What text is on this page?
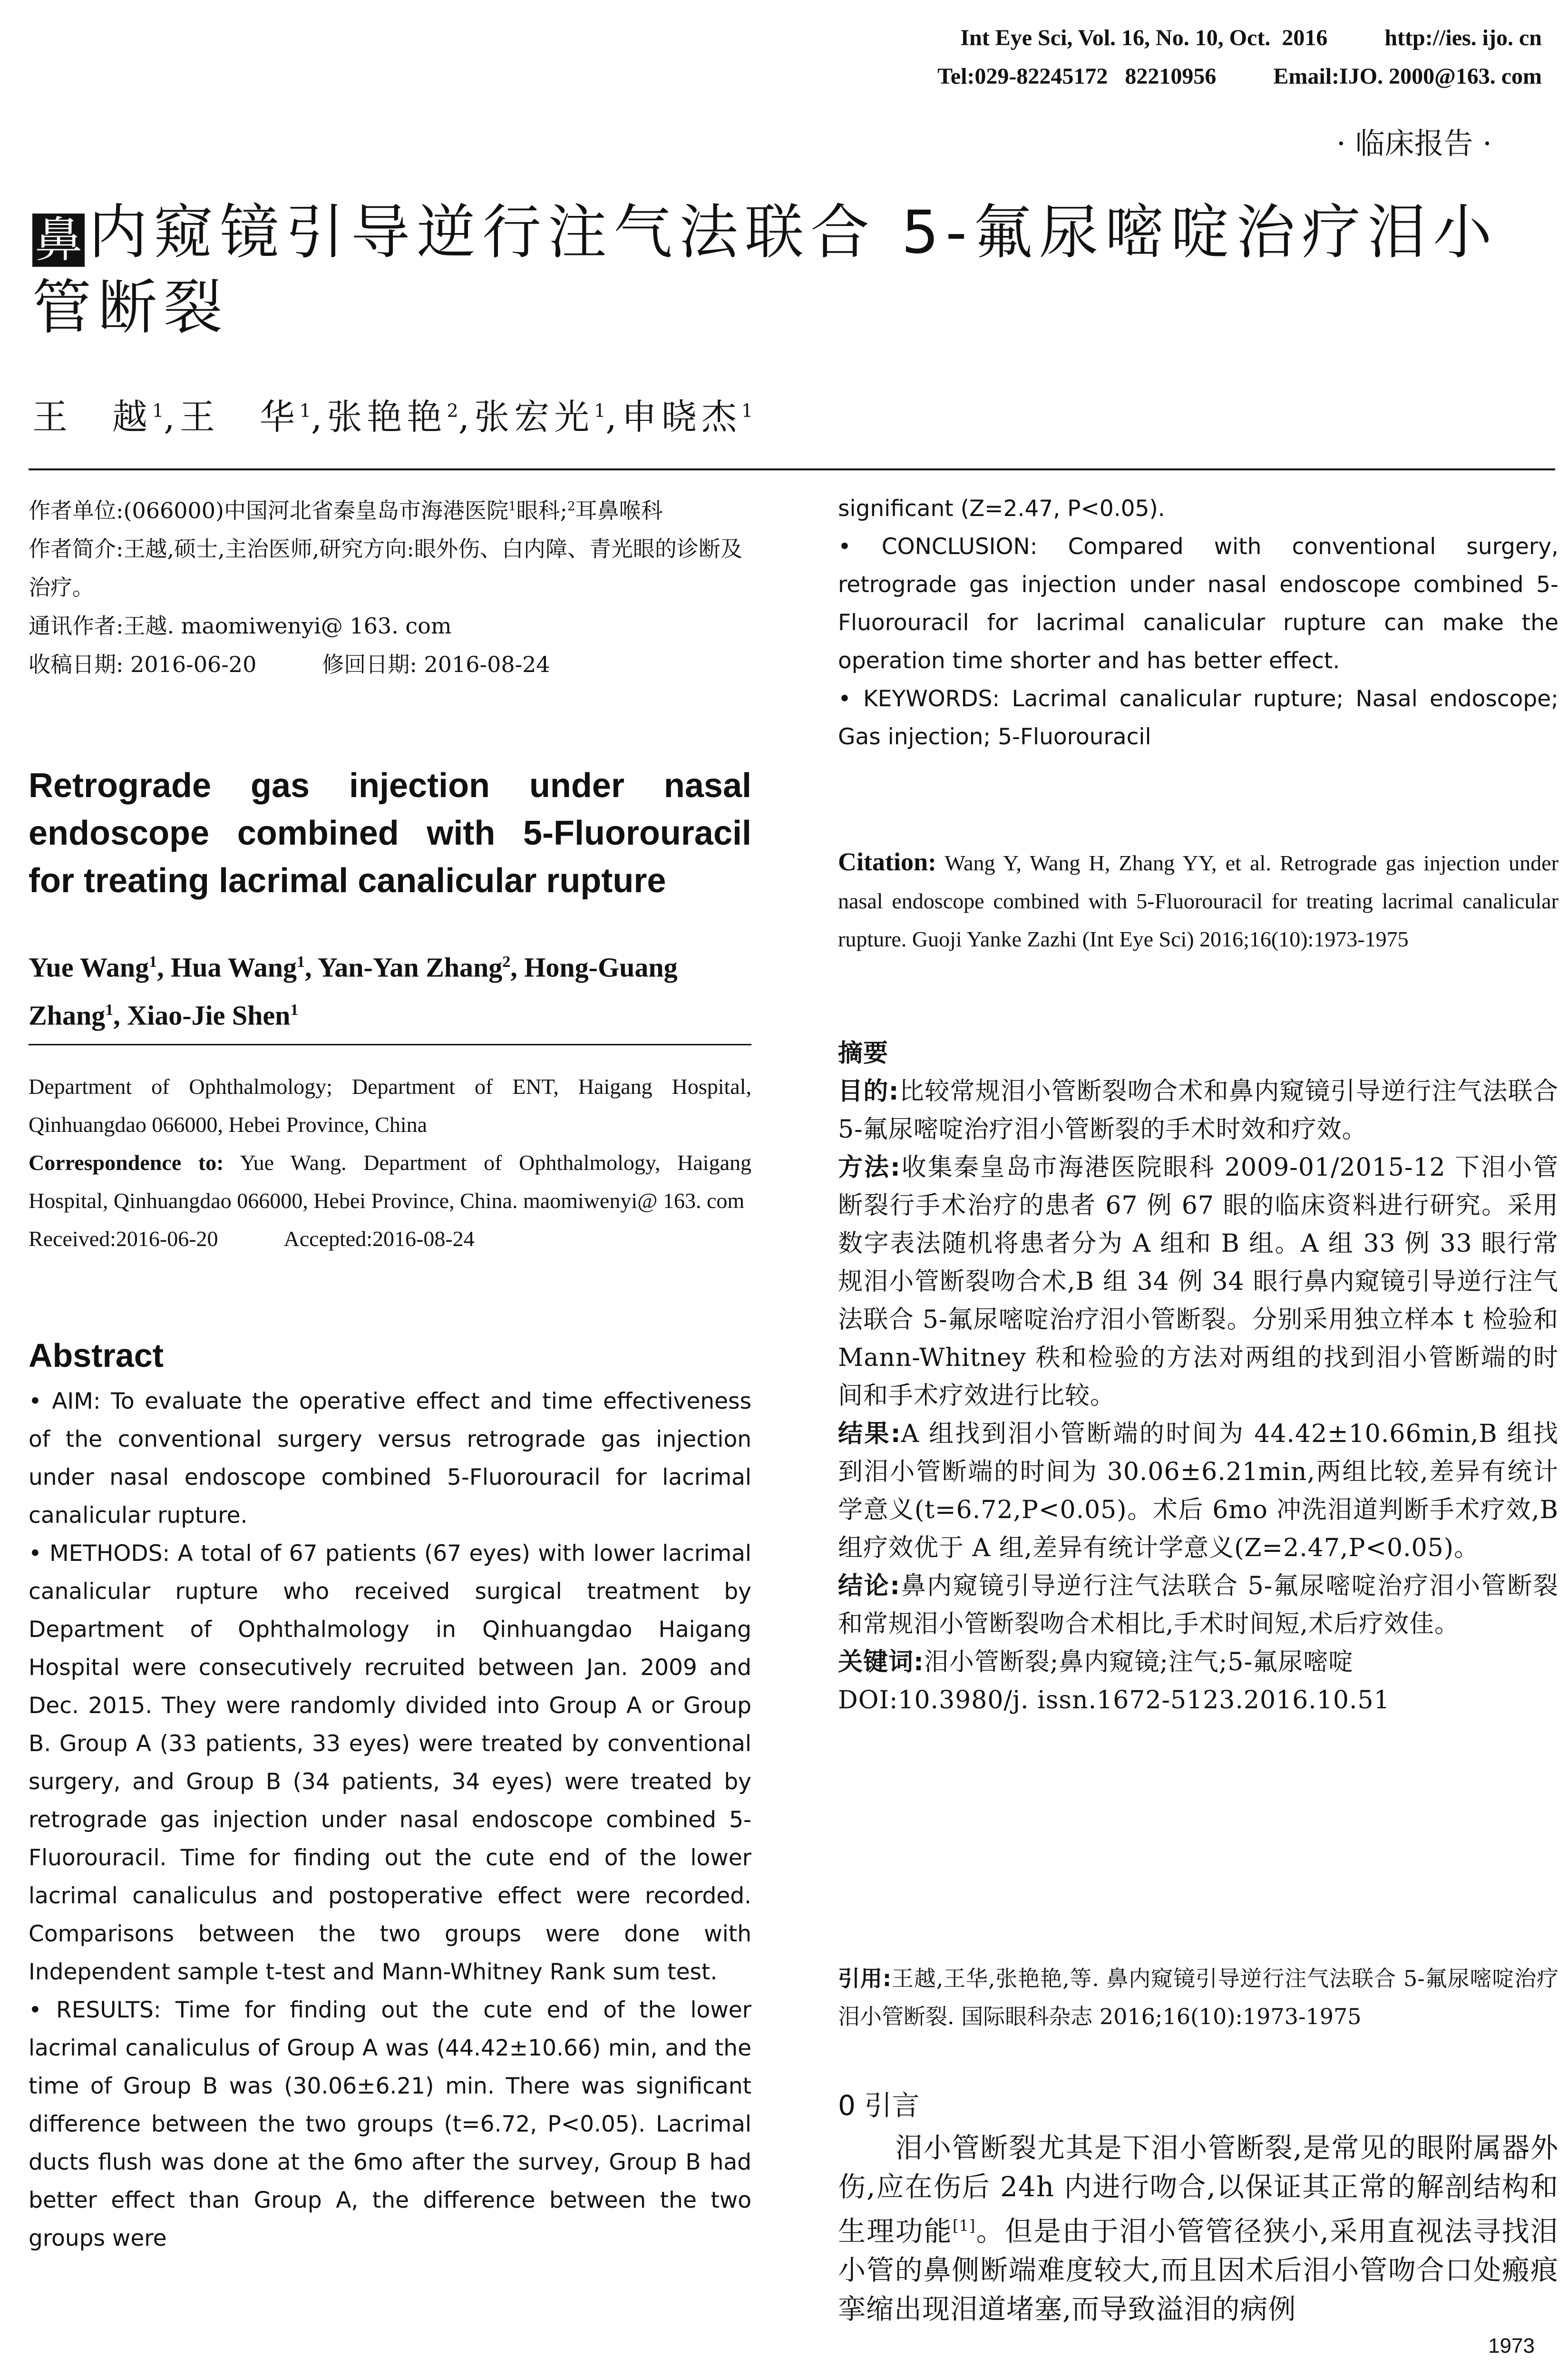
Int Eye Sci, Vol. 16, No. 10, Oct.  2016          http://ies. ijo. cn
Tel:029-82245172   82210956          Email:IJO. 2000@163. com
· 临床报告 ·
鼻 内窥镜引导逆行注气法联合 5-氟尿嘧啶治疗泪小管断裂
王　越$^1$,王　华$^1$,张艳艳$^2$,张宏光$^1$,申晓杰$^1$

作者单位:(066000)中国河北省秦皇岛市海港医院$^1$眼科;$^2$耳鼻喉科

作者简介:王越,硕士,主治医师,研究方向:眼外伤、白内障、青光眼的诊断及治疗。

通讯作者:王越. maomiwenyi@ 163. com

收稿日期: 2016-06-20　　　修回日期: 2016-08-24

Retrograde gas injection under nasal endoscope combined with 5-Fluorouracil for treating lacrimal canalicular rupture
Yue Wang$^1$, Hua Wang$^1$, Yan-Yan Zhang$^2$, Hong-Guang Zhang$^1$, Xiao-Jie Shen$^1$

Department of Ophthalmology; Department of ENT, Haigang Hospital, Qinhuangdao 066000, Hebei Province, China

Correspondence to: Yue Wang. Department of Ophthalmology, Haigang Hospital, Qinhuangdao 066000, Hebei Province, China. maomiwenyi@ 163. com

Received:2016-06-20　　　Accepted:2016-08-24

Abstract

• AIM: To evaluate the operative effect and time effectiveness of the conventional surgery versus retrograde gas injection under nasal endoscope combined 5-Fluorouracil for lacrimal canalicular rupture.

• METHODS: A total of 67 patients (67 eyes) with lower lacrimal canalicular rupture who received surgical treatment by Department of Ophthalmology in Qinhuangdao Haigang Hospital were consecutively recruited between Jan. 2009 and Dec. 2015. They were randomly divided into Group A or Group B. Group A (33 patients, 33 eyes) were treated by conventional surgery, and Group B (34 patients, 34 eyes) were treated by retrograde gas injection under nasal endoscope combined 5-Fluorouracil. Time for finding out the cute end of the lower lacrimal canaliculus and postoperative effect were recorded. Comparisons between the two groups were done with Independent sample t-test and Mann-Whitney Rank sum test.

• RESULTS: Time for finding out the cute end of the lower lacrimal canaliculus of Group A was (44.42±10.66) min, and the time of Group B was (30.06±6.21) min. There was significant difference between the two groups (t=6.72, P<0.05). Lacrimal ducts flush was done at the 6mo after the survey, Group B had better effect than Group A, the difference between the two groups were

significant (Z=2.47, P<0.05).

• CONCLUSION: Compared with conventional surgery, retrograde gas injection under nasal endoscope combined 5-Fluorouracil for lacrimal canalicular rupture can make the operation time shorter and has better effect.

• KEYWORDS: Lacrimal canalicular rupture; Nasal endoscope; Gas injection; 5-Fluorouracil

Citation: Wang Y, Wang H, Zhang YY, et al. Retrograde gas injection under nasal endoscope combined with 5-Fluorouracil for treating lacrimal canalicular rupture. Guoji Yanke Zazhi (Int Eye Sci) 2016;16(10):1973-1975

摘要

目的:比较常规泪小管断裂吻合术和鼻内窥镜引导逆行注气法联合 5-氟尿嘧啶治疗泪小管断裂的手术时效和疗效。

方法:收集秦皇岛市海港医院眼科 2009-01/2015-12 下泪小管断裂行手术治疗的患者 67 例 67 眼的临床资料进行研究。采用数字表法随机将患者分为 A 组和 B 组。A 组 33 例 33 眼行常规泪小管断裂吻合术,B 组 34 例 34 眼行鼻内窥镜引导逆行注气法联合 5-氟尿嘧啶治疗泪小管断裂。分别采用独立样本 t 检验和 Mann-Whitney 秩和检验的方法对两组的找到泪小管断端的时间和手术疗效进行比较。

结果:A 组找到泪小管断端的时间为 44.42±10.66min,B 组找到泪小管断端的时间为 30.06±6.21min,两组比较,差异有统计学意义(t=6.72,P<0.05)。术后 6mo 冲洗泪道判断手术疗效,B 组疗效优于 A 组,差异有统计学意义(Z=2.47,P<0.05)。

结论:鼻内窥镜引导逆行注气法联合 5-氟尿嘧啶治疗泪小管断裂和常规泪小管断裂吻合术相比,手术时间短,术后疗效佳。

关键词:泪小管断裂;鼻内窥镜;注气;5-氟尿嘧啶

DOI:10.3980/j. issn.1672-5123.2016.10.51

引用:王越,王华,张艳艳,等. 鼻内窥镜引导逆行注气法联合 5-氟尿嘧啶治疗泪小管断裂. 国际眼科杂志 2016;16(10):1973-1975
0 引言
泪小管断裂尤其是下泪小管断裂,是常见的眼附属器外伤,应在伤后 24h 内进行吻合,以保证其正常的解剖结构和生理功能[1]。但是由于泪小管管径狭小,采用直视法寻找泪小管的鼻侧断端难度较大,而且因术后泪小管吻合口处瘢痕挛缩出现泪道堵塞,而导致溢泪的病例
1973
